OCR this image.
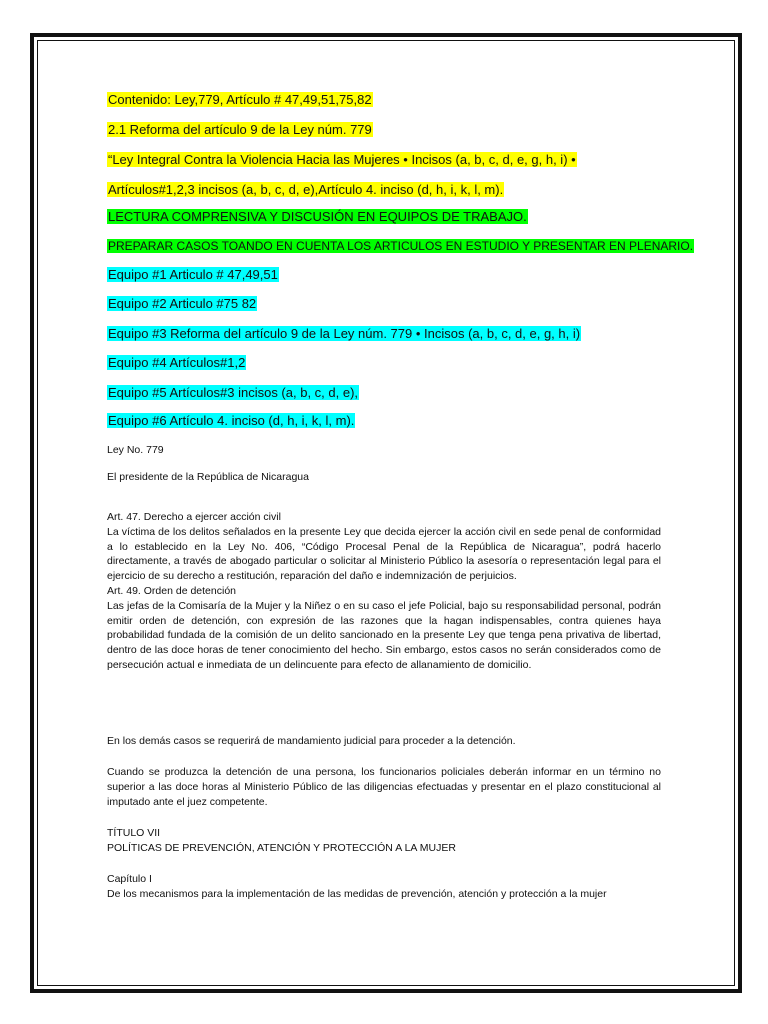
Contenido: Ley,779, Artículo # 47,49,51,75,82

2.1 Reforma del artículo 9 de la Ley núm. 779

“Ley Integral Contra la Violencia Hacia las Mujeres • Incisos (a, b, c, d, e, g, h, i) •

Artículos#1,2,3 incisos (a, b, c, d, e),Artículo 4. inciso (d, h, i, k, l, m).

LECTURA COMPRENSIVA Y DISCUSIÓN EN EQUIPOS DE TRABAJO.

PREPARAR CASOS TOANDO EN CUENTA LOS ARTICULOS EN ESTUDIO Y PRESENTAR EN PLENARIO.

Equipo #1 Articulo # 47,49,51

Equipo #2 Articulo #75 82

Equipo #3 Reforma del artículo 9 de la Ley núm. 779 • Incisos (a, b, c, d, e, g, h, i)

Equipo #4 Artículos#1,2

Equipo #5 Artículos#3 incisos (a, b, c, d, e),

Equipo #6 Artículo 4. inciso (d, h, i, k, l, m).

Ley No. 779

El presidente de la República de Nicaragua

Art. 47. Derecho a ejercer acción civil

La víctima de los delitos señalados en la presente Ley que decida ejercer la acción civil en sede penal de conformidad a lo establecido en la Ley No. 406, “Código Procesal Penal de la República de Nicaragua”, podrá hacerlo directamente, a través de abogado particular o solicitar al Ministerio Público la asesoría o representación legal para el ejercicio de su derecho a restitución, reparación del daño e indemnización de perjuicios.

Art. 49. Orden de detención

Las jefas de la Comisaría de la Mujer y la Niñez o en su caso el jefe Policial, bajo su responsabilidad personal, podrán emitir orden de detención, con expresión de las razones que la hagan indispensables, contra quienes haya probabilidad fundada de la comisión de un delito sancionado en la presente Ley que tenga pena privativa de libertad, dentro de las doce horas de tener conocimiento del hecho. Sin embargo, estos casos no serán considerados como de persecución actual e inmediata de un delincuente para efecto de allanamiento de domicilio.

En los demás casos se requerirá de mandamiento judicial para proceder a la detención.

Cuando se produzca la detención de una persona, los funcionarios policiales deberán informar en un término no superior a las doce horas al Ministerio Público de las diligencias efectuadas y presentar en el plazo constitucional al imputado ante el juez competente.

TÍTULO VII

POLÍTICAS DE PREVENCIÓN, ATENCIÓN Y PROTECCIÓN A LA MUJER

Capítulo I

De los mecanismos para la implementación de las medidas de prevención, atención y protección a la mujer
